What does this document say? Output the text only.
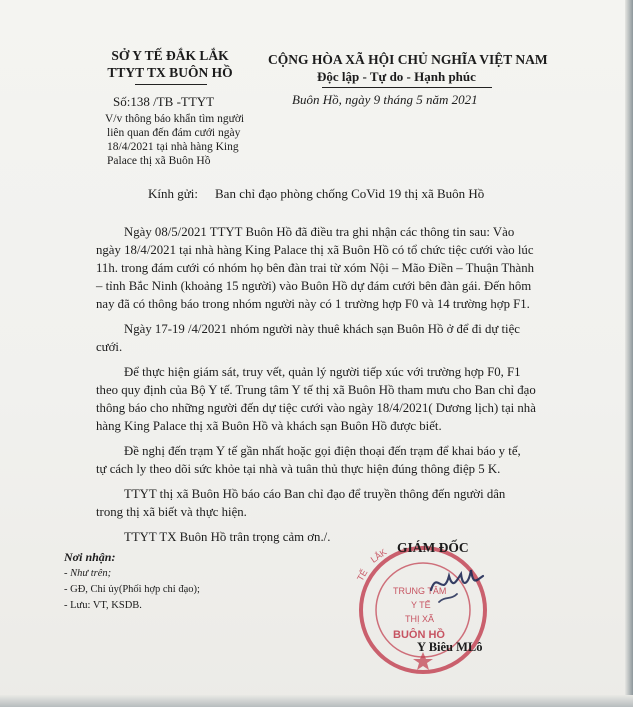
SỞ Y TẾ ĐẮK LẮK
TTYT TX BUÔN HỒ
CỘNG HÒA XÃ HỘI CHỦ NGHĨA VIỆT NAM
Độc lập - Tự do - Hạnh phúc
Số:138 /TB -TTYT	Buôn Hồ, ngày 9 tháng 5 năm 2021
V/v thông báo khẩn tìm người
liên quan đến đám cưới ngày
18/4/2021 tại nhà hàng King
Palace thị xã Buôn Hồ
Kính gửi: Ban chỉ đạo phòng chống CoVid 19 thị xã Buôn Hồ
Ngày 08/5/2021 TTYT Buôn Hồ đã điều tra ghi nhận các thông tin sau: Vào
ngày 18/4/2021 tại nhà hàng King Palace thị xã Buôn Hồ có tổ chức tiệc cưới vào lúc
11h. trong đám cưới có nhóm họ bên đàn trai từ xóm Nội – Mão Điền – Thuận Thành
– tỉnh Bắc Ninh (khoảng 15 người) vào Buôn Hồ dự đám cưới bên đàn gái. Đến hôm
nay đã có thông báo trong nhóm người này có 1 trường hợp F0 và 14 trường hợp F1.
Ngày 17-19 /4/2021 nhóm người này thuê khách sạn Buôn Hồ ở để đi dự tiệc
cưới.
Để thực hiện giám sát, truy vết, quản lý người tiếp xúc với trường hợp F0, F1
theo quy định của Bộ Y tế. Trung tâm Y tế thị xã Buôn Hồ tham mưu cho Ban chỉ đạo
thông báo cho những người đến dự tiệc cưới vào ngày 18/4/2021( Dương lịch) tại nhà
hàng King Palace thị xã Buôn Hồ và khách sạn Buôn Hồ được biết.
Đề nghị đến trạm Y tế gần nhất hoặc gọi điện thoại đến trạm để khai báo y tế,
tự cách ly theo dõi sức khỏe tại nhà và tuân thủ thực hiện đúng thông điệp 5 K.
TTYT thị xã Buôn Hồ báo cáo Ban chỉ đạo để truyền thông đến người dân
trong thị xã biết và thực hiện.
TTYT TX Buôn Hồ trân trọng cảm ơn./.
Nơi nhận:
- Như trên;
- GĐ, Chỉ ủy(Phối hợp chỉ đạo);
- Lưu: VT, KSDB.
TẾ
LẮK
TRUNG TÂM
Y TẾ
THỊ XÃ
BUÔN HỒ
GIÁM ĐỐC
Y Biêu MLô
